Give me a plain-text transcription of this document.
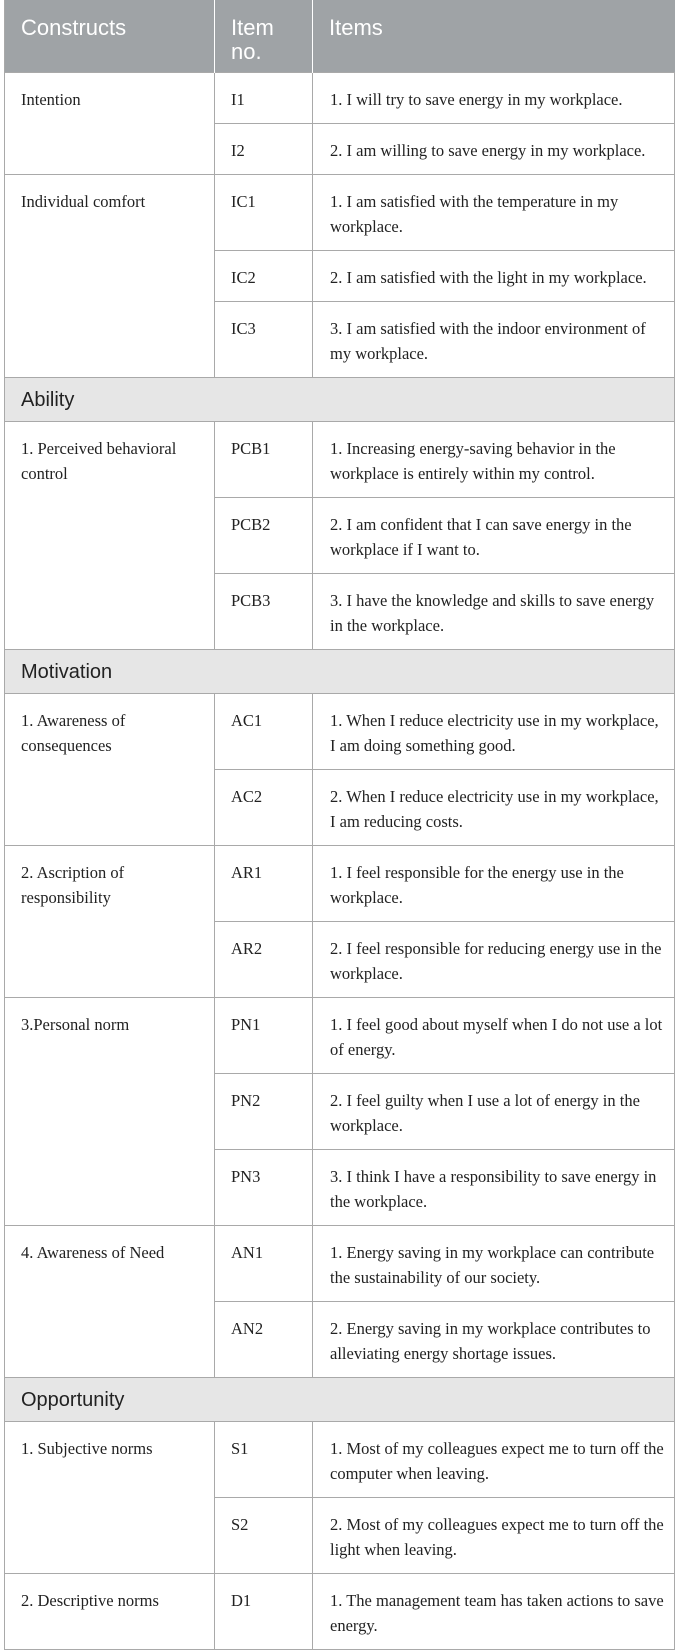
Constructs	Item no.	Items
Intention	I1	1. I will try to save energy in my workplace.
	I2	2. I am willing to save energy in my workplace.
Individual comfort	IC1	1. I am satisfied with the temperature in my workplace.
	IC2	2. I am satisfied with the light in my workplace.
	IC3	3. I am satisfied with the indoor environment of my workplace.
Ability		
1. Perceived behavioral control	PCB1	1. Increasing energy-saving behavior in the workplace is entirely within my control.
	PCB2	2. I am confident that I can save energy in the workplace if I want to.
	PCB3	3. I have the knowledge and skills to save energy in the workplace.
Motivation		
1. Awareness of consequences	AC1	1. When I reduce electricity use in my workplace, I am doing something good.
	AC2	2. When I reduce electricity use in my workplace, I am reducing costs.
2. Ascription of responsibility	AR1	1. I feel responsible for the energy use in the workplace.
	AR2	2. I feel responsible for reducing energy use in the workplace.
3.Personal norm	PN1	1. I feel good about myself when I do not use a lot of energy.
	PN2	2. I feel guilty when I use a lot of energy in the workplace.
	PN3	3. I think I have a responsibility to save energy in the workplace.
4. Awareness of Need	AN1	1. Energy saving in my workplace can contribute the sustainability of our society.
	AN2	2. Energy saving in my workplace contributes to alleviating energy shortage issues.
Opportunity		
1. Subjective norms	S1	1. Most of my colleagues expect me to turn off the computer when leaving.
	S2	2. Most of my colleagues expect me to turn off the light when leaving.
2. Descriptive norms	D1	1. The management team has taken actions to save energy.
